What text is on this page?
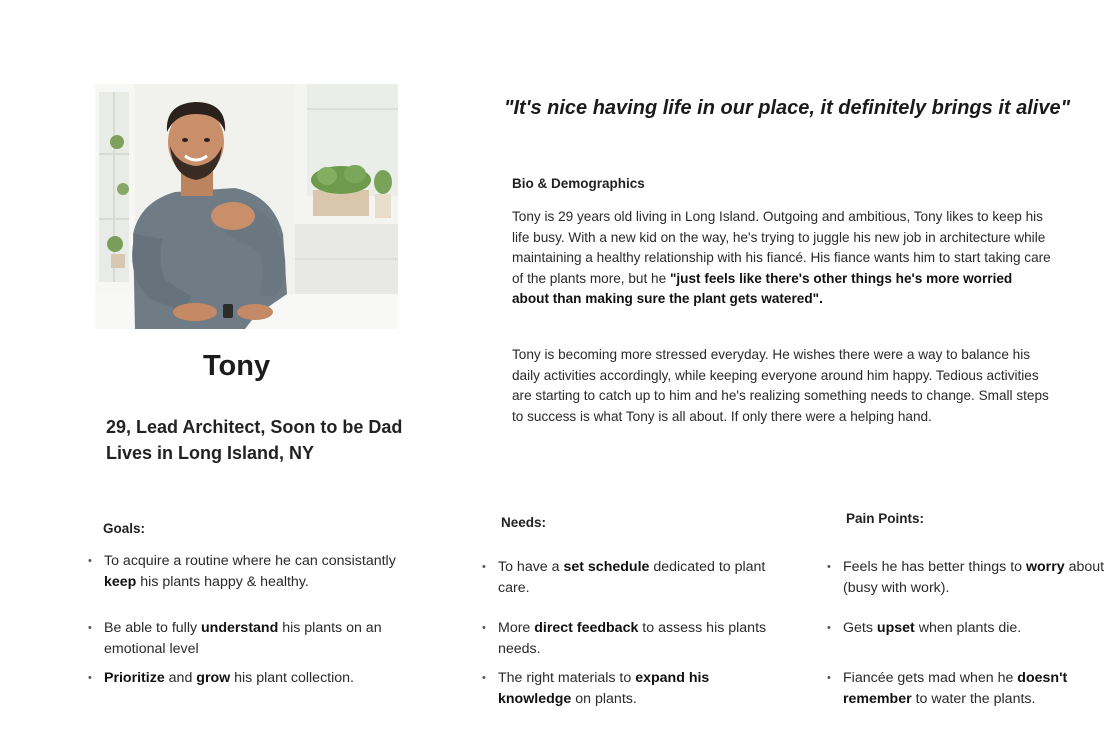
Tony
29, Lead Architect, Soon to be Dad
Lives in Long Island, NY
"It's nice having life in our place, it definitely brings it alive"
Bio & Demographics

Tony is 29 years old living in Long Island. Outgoing and ambitious, Tony likes to keep his life busy. With a new kid on the way, he's trying to juggle his new job in architecture while maintaining a healthy relationship with his fiancé. His fiance wants him to start taking care of the plants more, but he "just feels like there's other things he's more worried about than making sure the plant gets watered".

Tony is becoming more stressed everyday. He wishes there were a way to balance his daily activities accordingly, while keeping everyone around him happy. Tedious activities are starting to catch up to him and he's realizing something needs to change. Small steps to success is what Tony is all about. If only there were a helping hand.

Goals:
• To acquire a routine where he can consistantly keep his plants happy & healthy.
• Be able to fully understand his plants on an emotional level
• Prioritize and grow his plant collection.
Needs:
• To have a set schedule dedicated to plant care.
• More direct feedback to assess his plants needs.
• The right materials to expand his knowledge on plants.
Pain Points:
• Feels he has better things to worry about (busy with work).
• Gets upset when plants die.
• Fiancée gets mad when he doesn't remember to water the plants.
